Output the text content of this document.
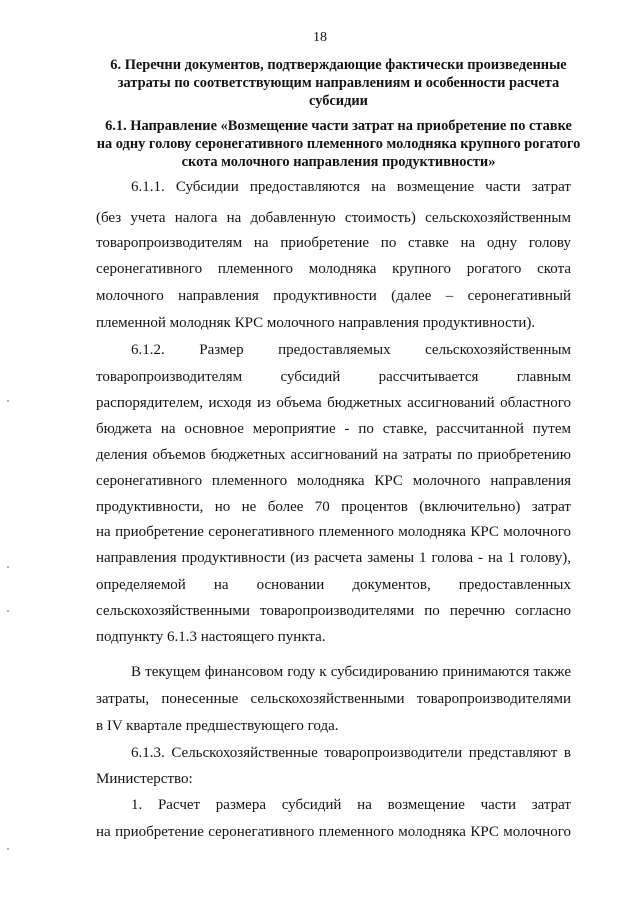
18
6. Перечни документов, подтверждающие фактически произведенные затраты по соответствующим направлениям и особенности расчета субсидии
6.1. Направление «Возмещение части затрат на приобретение по ставке на одну голову серонегативного племенного молодняка крупного рогатого скота молочного направления продуктивности»
6.1.1. Субсидии предоставляются на возмещение части затрат
(без учета налога на добавленную стоимость) сельскохозяйственным
товаропроизводителям на приобретение по ставке на одну голову
серонегативного племенного молодняка крупного рогатого скота
молочного направления продуктивности (далее – серонегативный
племенной молодняк КРС молочного направления продуктивности).
6.1.2. Размер предоставляемых сельскохозяйственным
товаропроизводителям субсидий рассчитывается главным
распорядителем, исходя из объема бюджетных ассигнований областного
бюджета на основное мероприятие - по ставке, рассчитанной путем
деления объемов бюджетных ассигнований на затраты по приобретению
серонегативного племенного молодняка КРС молочного направления
продуктивности, но не более 70 процентов (включительно) затрат
на приобретение серонегативного племенного молодняка КРС молочного
направления продуктивности (из расчета замены 1 голова - на 1 голову),
определяемой на основании документов, предоставленных
сельскохозяйственными товаропроизводителями по перечню согласно
подпункту 6.1.3 настоящего пункта.
В текущем финансовом году к субсидированию принимаются также
затраты, понесенные сельскохозяйственными товаропроизводителями
в IV квартале предшествующего года.
6.1.3. Сельскохозяйственные товаропроизводители представляют в
Министерство:
1. Расчет размера субсидий на возмещение части затрат
на приобретение серонегативного племенного молодняка КРС молочного
